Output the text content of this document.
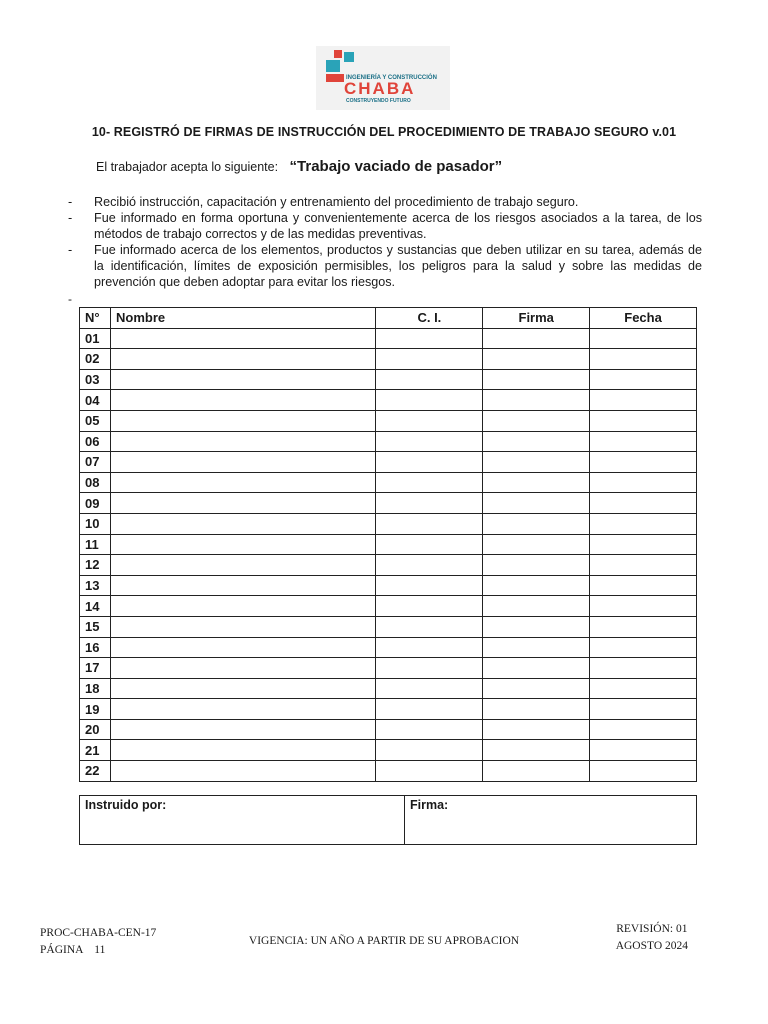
INGENIERÍA Y CONSTRUCCIÓN
CHABA
CONSTRUYENDO FUTURO
10- REGISTRÓ DE FIRMAS DE INSTRUCCIÓN DEL PROCEDIMIENTO DE TRABAJO SEGURO v.01
El trabajador acepta lo siguiente: “Trabajo vaciado de pasador”
- Recibió instrucción, capacitación y entrenamiento del procedimiento de trabajo seguro.
- Fue informado en forma oportuna y convenientemente acerca de los riesgos asociados a la tarea, de los métodos de trabajo correctos y de las medidas preventivas.
- Fue informado acerca de los elementos, productos y sustancias que deben utilizar en su tarea, además de la identificación, límites de exposición permisibles, los peligros para la salud y sobre las medidas de prevención que deben adoptar para evitar los riesgos.
-
N°	Nombre	C. I.	Firma	Fecha
01				
02				
03				
04				
05				
06				
07				
08				
09				
10				
11				
12				
13				
14				
15				
16				
17				
18				
19				
20				
21				
22				
Instruido por:	Firma:
PROC-CHABA-CEN-17
PÁGINA    11
VIGENCIA: UN AÑO A PARTIR DE SU APROBACION
REVISIÓN: 01
AGOSTO 2024
